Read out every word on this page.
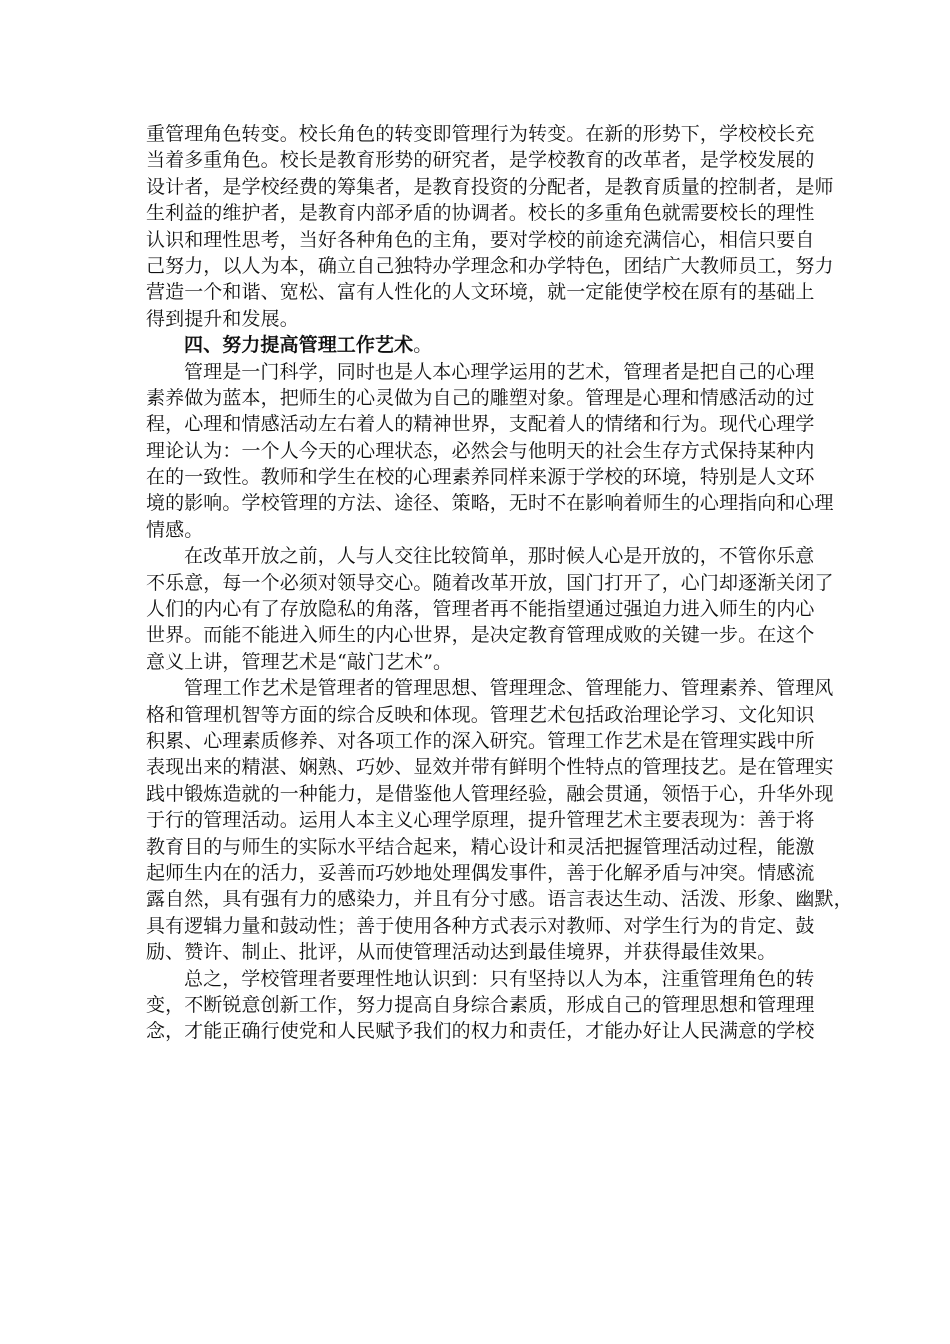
重管理角色转变。校长角色的转变即管理行为转变。在新的形势下，学校校长充
当着多重角色。校长是教育形势的研究者，是学校教育的改革者，是学校发展的
设计者，是学校经费的筹集者，是教育投资的分配者，是教育质量的控制者，是师
生利益的维护者，是教育内部矛盾的协调者。校长的多重角色就需要校长的理性
认识和理性思考，当好各种角色的主角，要对学校的前途充满信心，相信只要自
己努力，以人为本，确立自己独特办学理念和办学特色，团结广大教师员工，努力
营造一个和谐、宽松、富有人性化的人文环境，就一定能使学校在原有的基础上
得到提升和发展。
四、努力提高管理工作艺术。
管理是一门科学，同时也是人本心理学运用的艺术，管理者是把自己的心理
素养做为蓝本，把师生的心灵做为自己的雕塑对象。管理是心理和情感活动的过
程，心理和情感活动左右着人的精神世界，支配着人的情绪和行为。现代心理学
理论认为：一个人今天的心理状态，必然会与他明天的社会生存方式保持某种内
在的一致性。教师和学生在校的心理素养同样来源于学校的环境，特别是人文环
境的影响。学校管理的方法、途径、策略，无时不在影响着师生的心理指向和心理
情感。
在改革开放之前，人与人交往比较简单，那时候人心是开放的，不管你乐意
不乐意，每一个必须对领导交心。随着改革开放，国门打开了，心门却逐渐关闭了
人们的内心有了存放隐私的角落，管理者再不能指望通过强迫力进入师生的内心
世界。而能不能进入师生的内心世界，是决定教育管理成败的关键一步。在这个
意义上讲，管理艺术是“敲门艺术”。
管理工作艺术是管理者的管理思想、管理理念、管理能力、管理素养、管理风
格和管理机智等方面的综合反映和体现。管理艺术包括政治理论学习、文化知识
积累、心理素质修养、对各项工作的深入研究。管理工作艺术是在管理实践中所
表现出来的精湛、娴熟、巧妙、显效并带有鲜明个性特点的管理技艺。是在管理实
践中锻炼造就的一种能力，是借鉴他人管理经验，融会贯通，领悟于心，升华外现
于行的管理活动。运用人本主义心理学原理，提升管理艺术主要表现为：善于将
教育目的与师生的实际水平结合起来，精心设计和灵活把握管理活动过程，能激
起师生内在的活力，妥善而巧妙地处理偶发事件，善于化解矛盾与冲突。情感流
露自然，具有强有力的感染力，并且有分寸感。语言表达生动、活泼、形象、幽默，
具有逻辑力量和鼓动性；善于使用各种方式表示对教师、对学生行为的肯定、鼓
励、赞许、制止、批评，从而使管理活动达到最佳境界，并获得最佳效果。
总之，学校管理者要理性地认识到：只有坚持以人为本，注重管理角色的转
变，不断锐意创新工作，努力提高自身综合素质，形成自己的管理思想和管理理
念，才能正确行使党和人民赋予我们的权力和责任，才能办好让人民满意的学校
